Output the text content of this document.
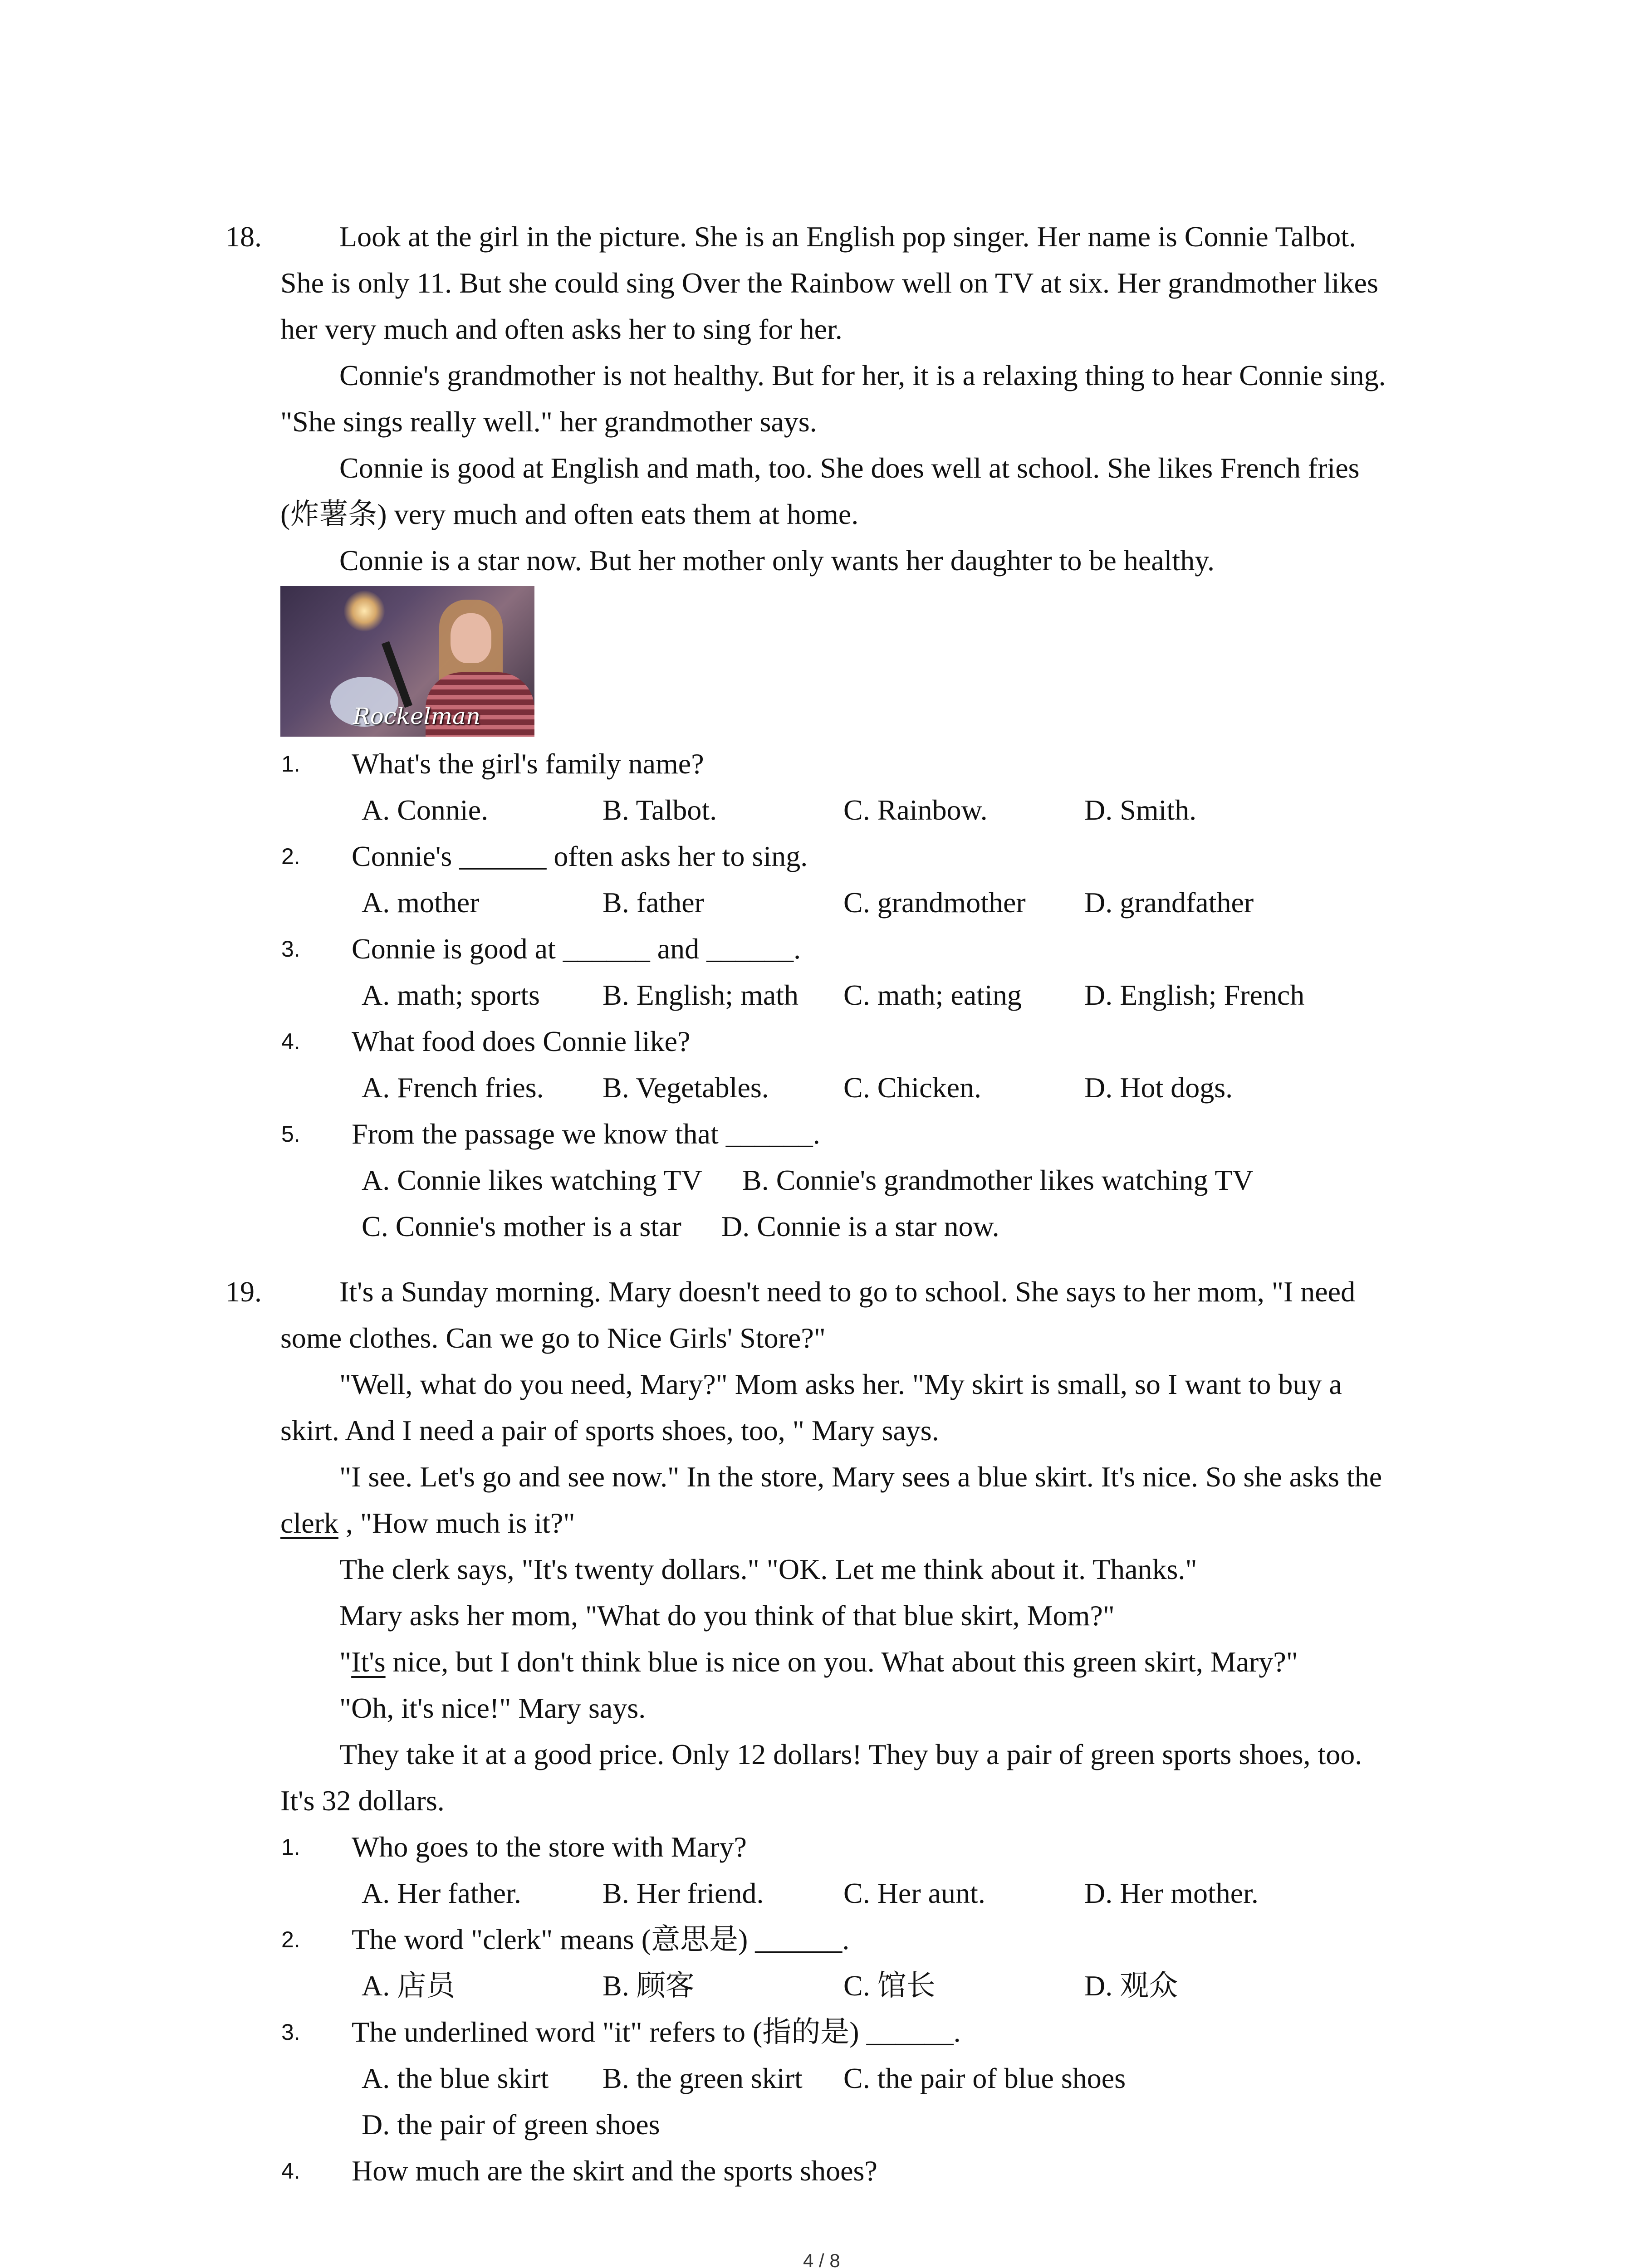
18.	Look at the girl in the picture. She is an English pop singer. Her name is Connie Talbot.
She is only 11. But she could sing Over the Rainbow well on TV at six. Her grandmother likes
her very much and often asks her to sing for her.
Connie's grandmother is not healthy. But for her, it is a relaxing thing to hear Connie sing.
"She sings really well." her grandmother says.
Connie is good at English and math, too. She does well at school. She likes French fries
(炸薯条) very much and often eats them at home.
Connie is a star now. But her mother only wants her daughter to be healthy.
Rockelman
1. What's the girl's family name?
A. Connie.	B. Talbot.	C. Rainbow.	D. Smith.
2. Connie's ______ often asks her to sing.
A. mother	B. father	C. grandmother D. grandfather
3. Connie is good at ______ and ______.
A. math; sports B. English; math C. math; eating D. English; French
4. What food does Connie like?
A. French fries. B. Vegetables.	C. Chicken.	D. Hot dogs.
5. From the passage we know that ______.
A. Connie likes watching TV B. Connie's grandmother likes watching TV
C. Connie's mother is a star D. Connie is a star now.
19.	It's a Sunday morning. Mary doesn't need to go to school. She says to her mom, "I need
some clothes. Can we go to Nice Girls' Store?"
"Well, what do you need, Mary?" Mom asks her. "My skirt is small, so I want to buy a
skirt. And I need a pair of sports shoes, too, " Mary says.
"I see. Let's go and see now." In the store, Mary sees a blue skirt. It's nice. So she asks the
clerk , "How much is it?"
The clerk says, "It's twenty dollars." "OK. Let me think about it. Thanks."
Mary asks her mom, "What do you think of that blue skirt, Mom?"
"It's nice, but I don't think blue is nice on you. What about this green skirt, Mary?"
"Oh, it's nice!" Mary says.
They take it at a good price. Only 12 dollars! They buy a pair of green sports shoes, too.
It's 32 dollars.
1. Who goes to the store with Mary?
A. Her father.	B. Her friend.	C. Her aunt.	D. Her mother.
2. The word "clerk" means (意思是) ______.
A. 店员	B. 顾客	C. 馆长	D. 观众
3. The underlined word "it" refers to (指的是) ______.
A. the blue skirt B. the green skirt C. the pair of blue shoes
D. the pair of green shoes
4. How much are the skirt and the sports shoes?
4 / 8
